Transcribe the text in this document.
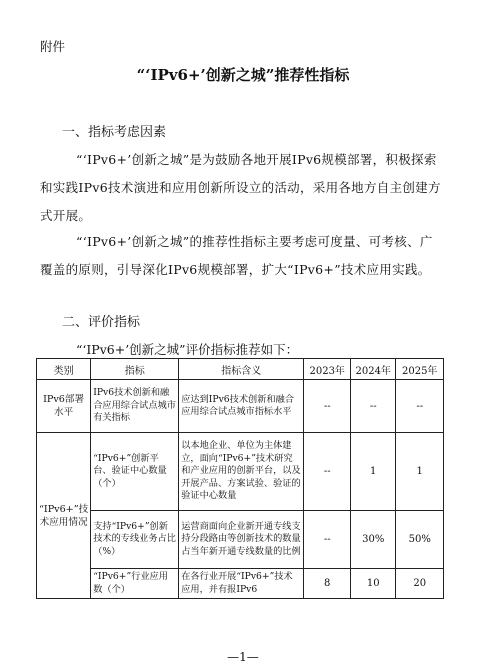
附件
“‘IPv6+’创新之城”推荐性指标
一、指标考虑因素
“‘IPv6+’创新之城”是为鼓励各地开展IPv6规模部署，积极探索和实践IPv6技术演进和应用创新所设立的活动，采用各地方自主创建方式开展。
“‘IPv6+’创新之城”的推荐性指标主要考虑可度量、可考核、广覆盖的原则，引导深化IPv6规模部署，扩大“IPv6+”技术应用实践。
二、评价指标
“‘IPv6+’创新之城”评价指标推荐如下：
类别	指标	指标含义	2023年	2024年	2025年
IPv6部署水平	IPv6技术创新和融合应用综合试点城市有关指标	应达到IPv6技术创新和融合应用综合试点城市指标水平	--	--	--
“IPv6+”技术应用情况	“IPv6+”创新平台、验证中心数量（个）	以本地企业、单位为主体建立，面向“IPv6+”技术研究和产业应用的创新平台，以及开展产品、方案试验、验证的验证中心数量	--	1	1
	支持“IPv6+”创新技术的专线业务占比（%）	运营商面向企业新开通专线支持分段路由等创新技术的数量占当年新开通专线数量的比例	--	30%	50%
	“IPv6+”行业应用数（个）	在各行业开展“IPv6+”技术应用，并有报IPv6	8	10	20
—1—
